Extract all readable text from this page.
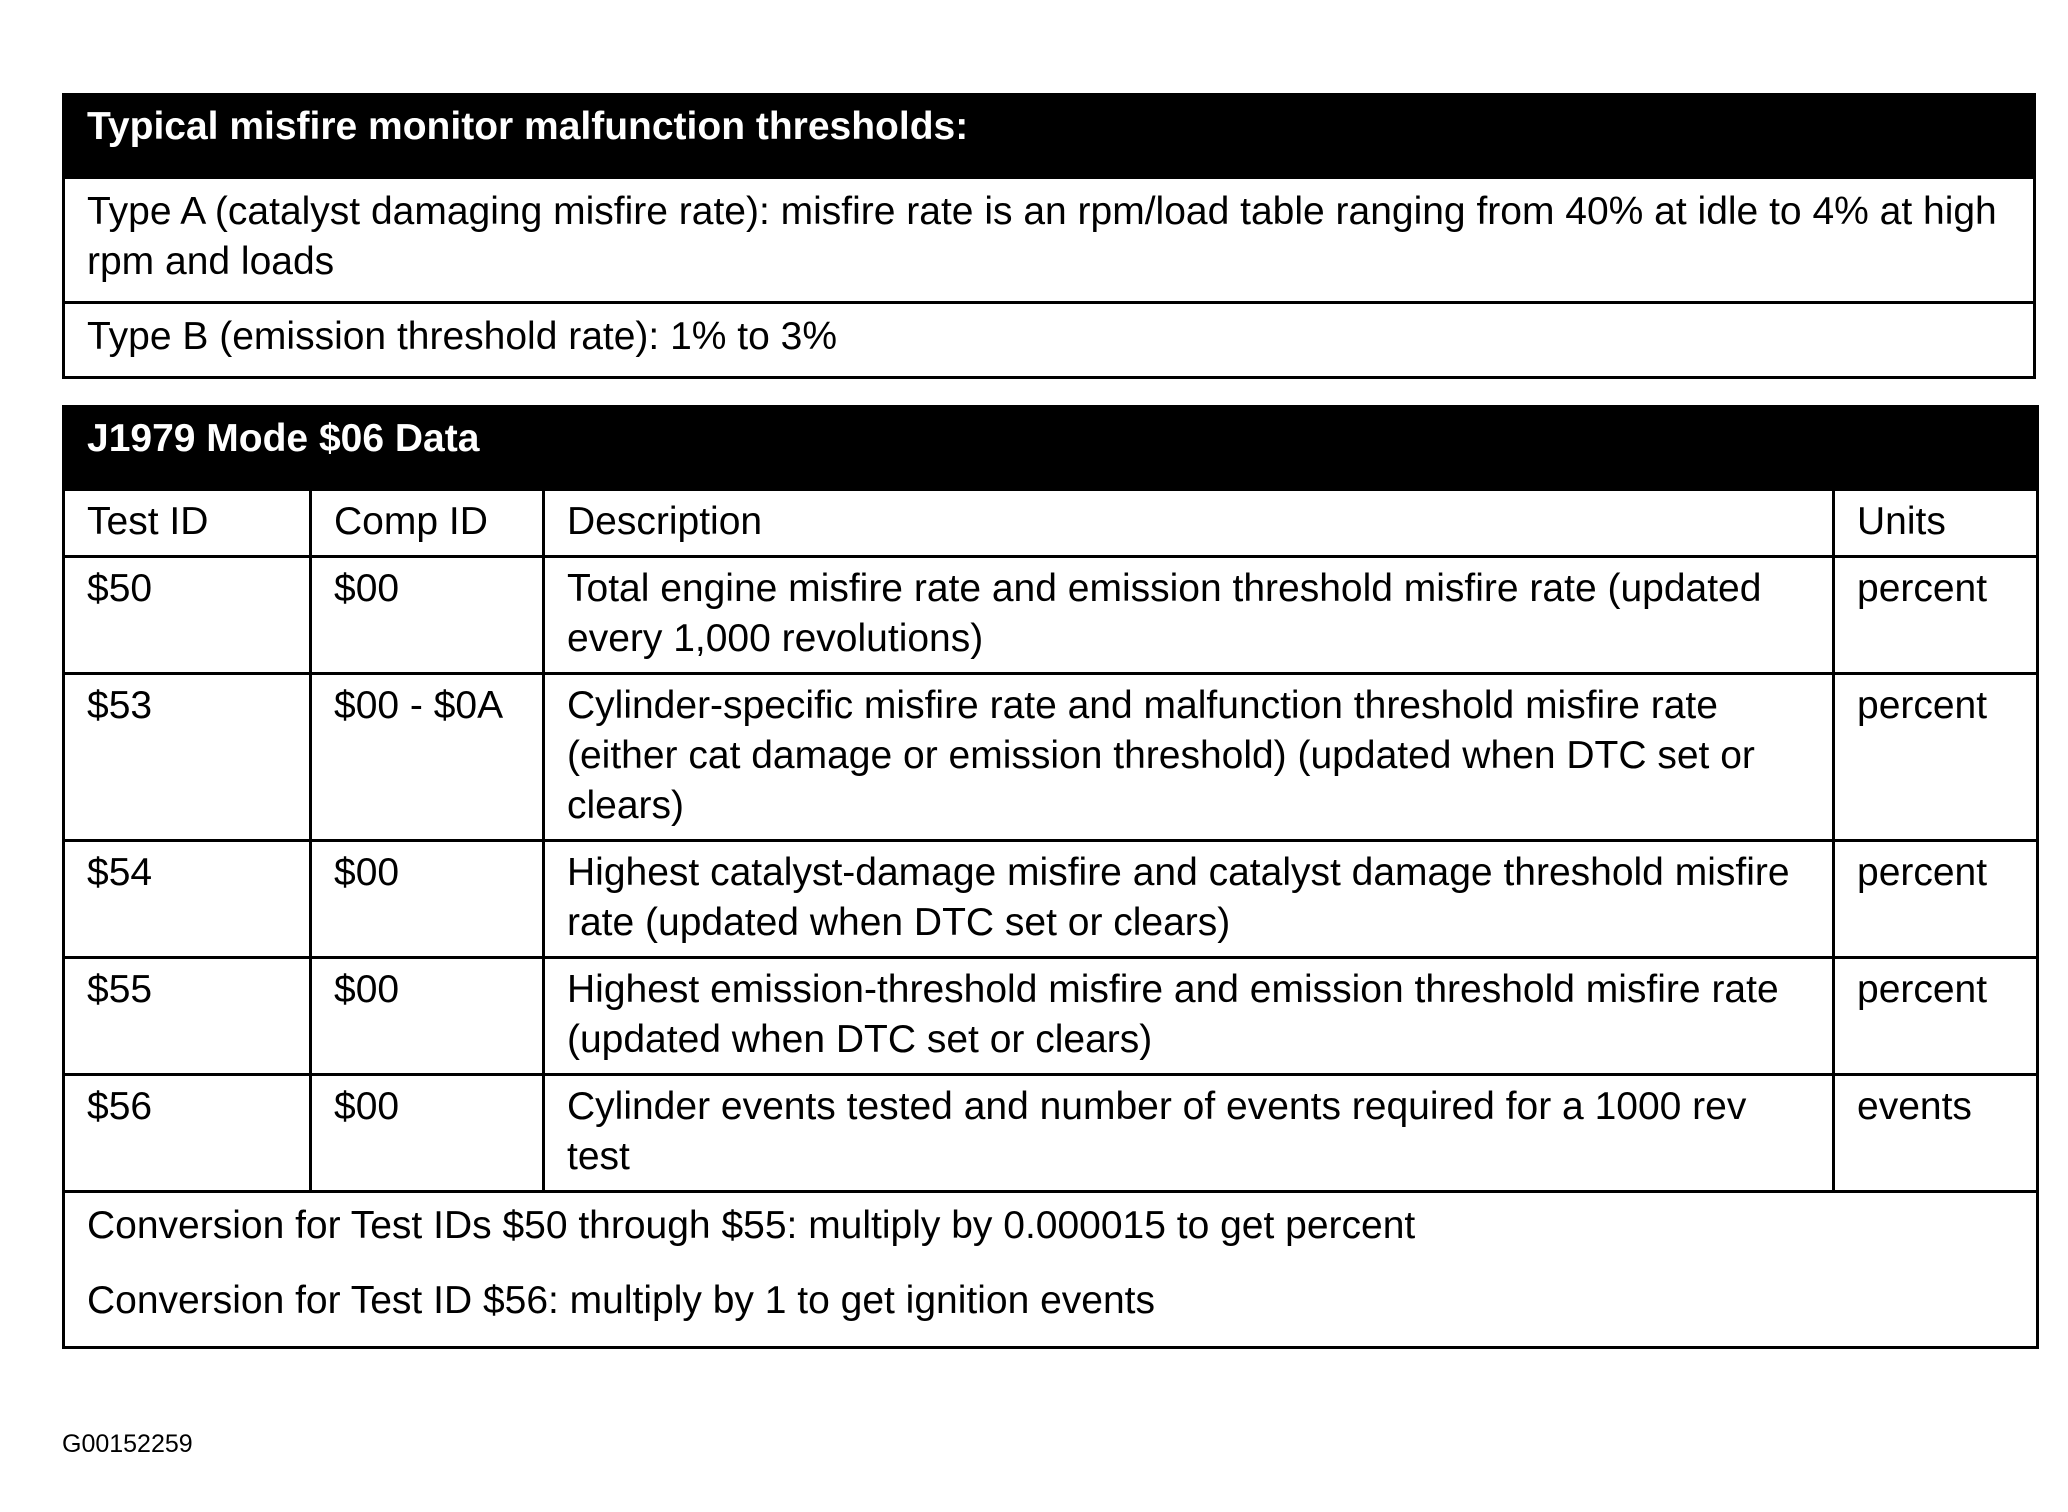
Typical misfire monitor malfunction thresholds:
Type A (catalyst damaging misfire rate): misfire rate is an rpm/load table ranging from 40% at idle to 4% at high rpm and loads
Type B (emission threshold rate): 1% to 3%
J1979 Mode $06 Data			
Test ID	Comp ID	Description	Units
$50	$00	Total engine misfire rate and emission threshold misfire rate (updated every 1,000 revolutions)	percent
$53	$00 - $0A	Cylinder-specific misfire rate and malfunction threshold misfire rate (either cat damage or emission threshold) (updated when DTC set or clears)	percent
$54	$00	Highest catalyst-damage misfire and catalyst damage threshold misfire rate (updated when DTC set or clears)	percent
$55	$00	Highest emission-threshold misfire and emission threshold misfire rate (updated when DTC set or clears)	percent
$56	$00	Cylinder events tested and number of events required for a 1000 rev test	events

Conversion for Test IDs $50 through $55: multiply by 0.000015 to get percent

Conversion for Test ID $56: multiply by 1 to get ignition events			

G00152259
